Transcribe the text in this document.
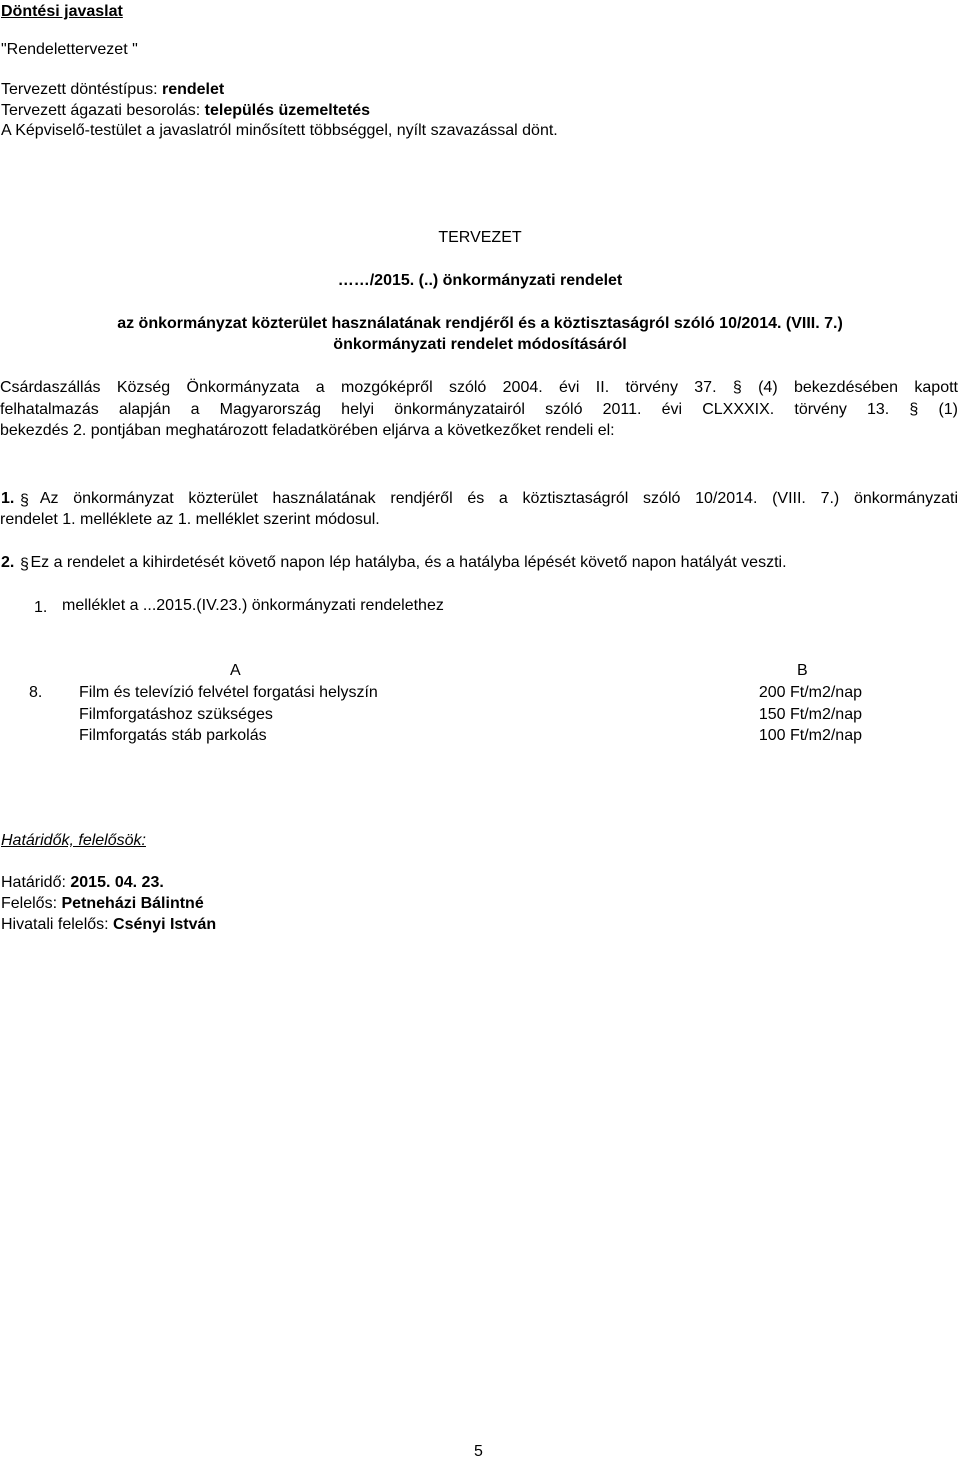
Döntési javaslat
"Rendelettervezet "
Tervezett döntéstípus: rendelet
Tervezett ágazati besorolás: település üzemeltetés
A Képviselő-testület a javaslatról minősített többséggel, nyílt szavazással dönt.
TERVEZET
……/2015. (..) önkormányzati rendelet
az önkormányzat közterület használatának rendjéről és a köztisztaságról szóló 10/2014. (VIII. 7.)
önkormányzati rendelet módosításáról
Csárdaszállás Község Önkormányzata a mozgóképről szóló 2004. évi II. törvény 37. § (4) bekezdésében kapott
felhatalmazás alapján a Magyarország helyi önkormányzatairól szóló 2011. évi CLXXXIX. törvény 13. § (1)
bekezdés 2. pontjában meghatározott feladatkörében eljárva a következőket rendeli el:
1. §	Az önkormányzat közterület használatának rendjéről és a köztisztaságról szóló 10/2014. (VIII. 7.) önkormányzati
rendelet 1. melléklete az 1. melléklet szerint módosul.
2. §	Ez a rendelet a kihirdetését követő napon lép hatályba, és a hatályba lépését követő napon hatályát veszti.
1. melléklet a ...2015.(IV.23.) önkormányzati rendelethez
A	B
8. Film és televízió felvétel forgatási helyszín	200 Ft/m2/nap
Filmforgatáshoz szükséges	150 Ft/m2/nap
Filmforgatás stáb parkolás	100 Ft/m2/nap
Határidők, felelősök:
Határidő: 2015. 04. 23.
Felelős: Petneházi Bálintné
Hivatali felelős: Csényi István
5
